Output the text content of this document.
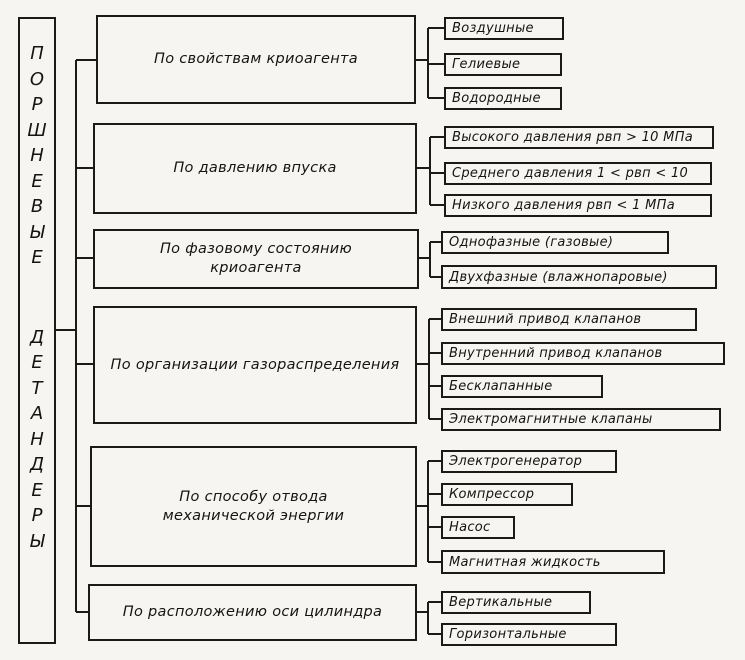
П
О
Р
Ш
Н
Е
В
Ы
Е
Д
Е
Т
А
Н
Д
Е
Р
Ы
По свойствам криоагента
По давлению впуска
По фазовому состоянию криоагента
По организации газораспределения
По способу отвода механической энергии
По расположению оси цилиндра
Воздушные
Гелиевые
Водородные
Высокого давления pвп > 10 МПа
Среднего давления 1 < pвп < 10
Низкого давления pвп < 1 МПа
Однофазные (газовые)
Двухфазные (влажнопаровые)
Внешний привод клапанов
Внутренний привод клапанов
Бесклапанные
Электромагнитные клапаны
Электрогенератор
Компрессор
Насос
Магнитная жидкость
Вертикальные
Горизонтальные
